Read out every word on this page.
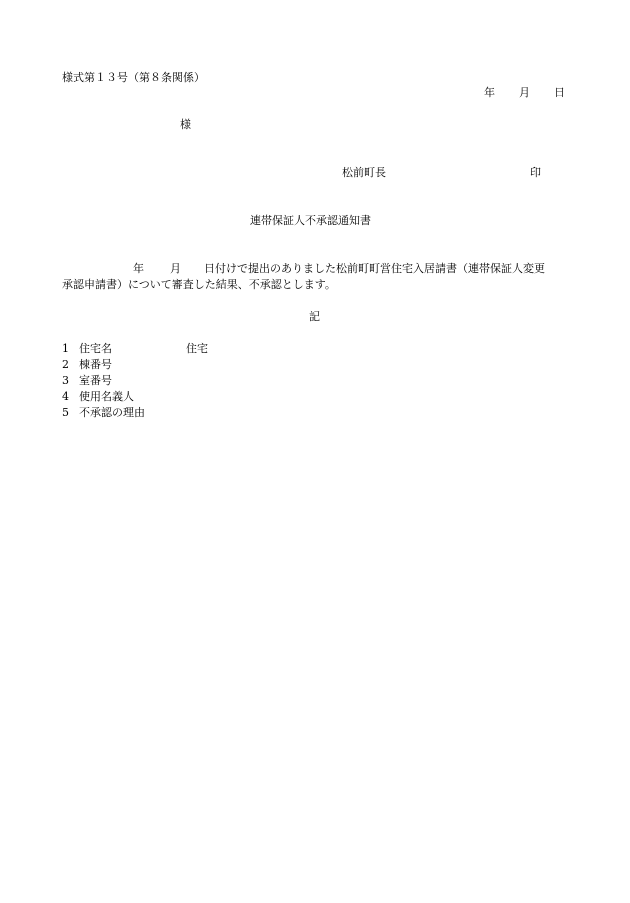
様式第１３号（第８条関係）
年 月 日
様
松前町長	印
連帯保証人不承認通知書
年 月 日付けで提出のありました松前町町営住宅入居請書（連帯保証人変更
承認申請書）について審査した結果、不承認とします。
記
1 住宅名	住宅
2 棟番号
3 室番号
4 使用名義人
5 不承認の理由
